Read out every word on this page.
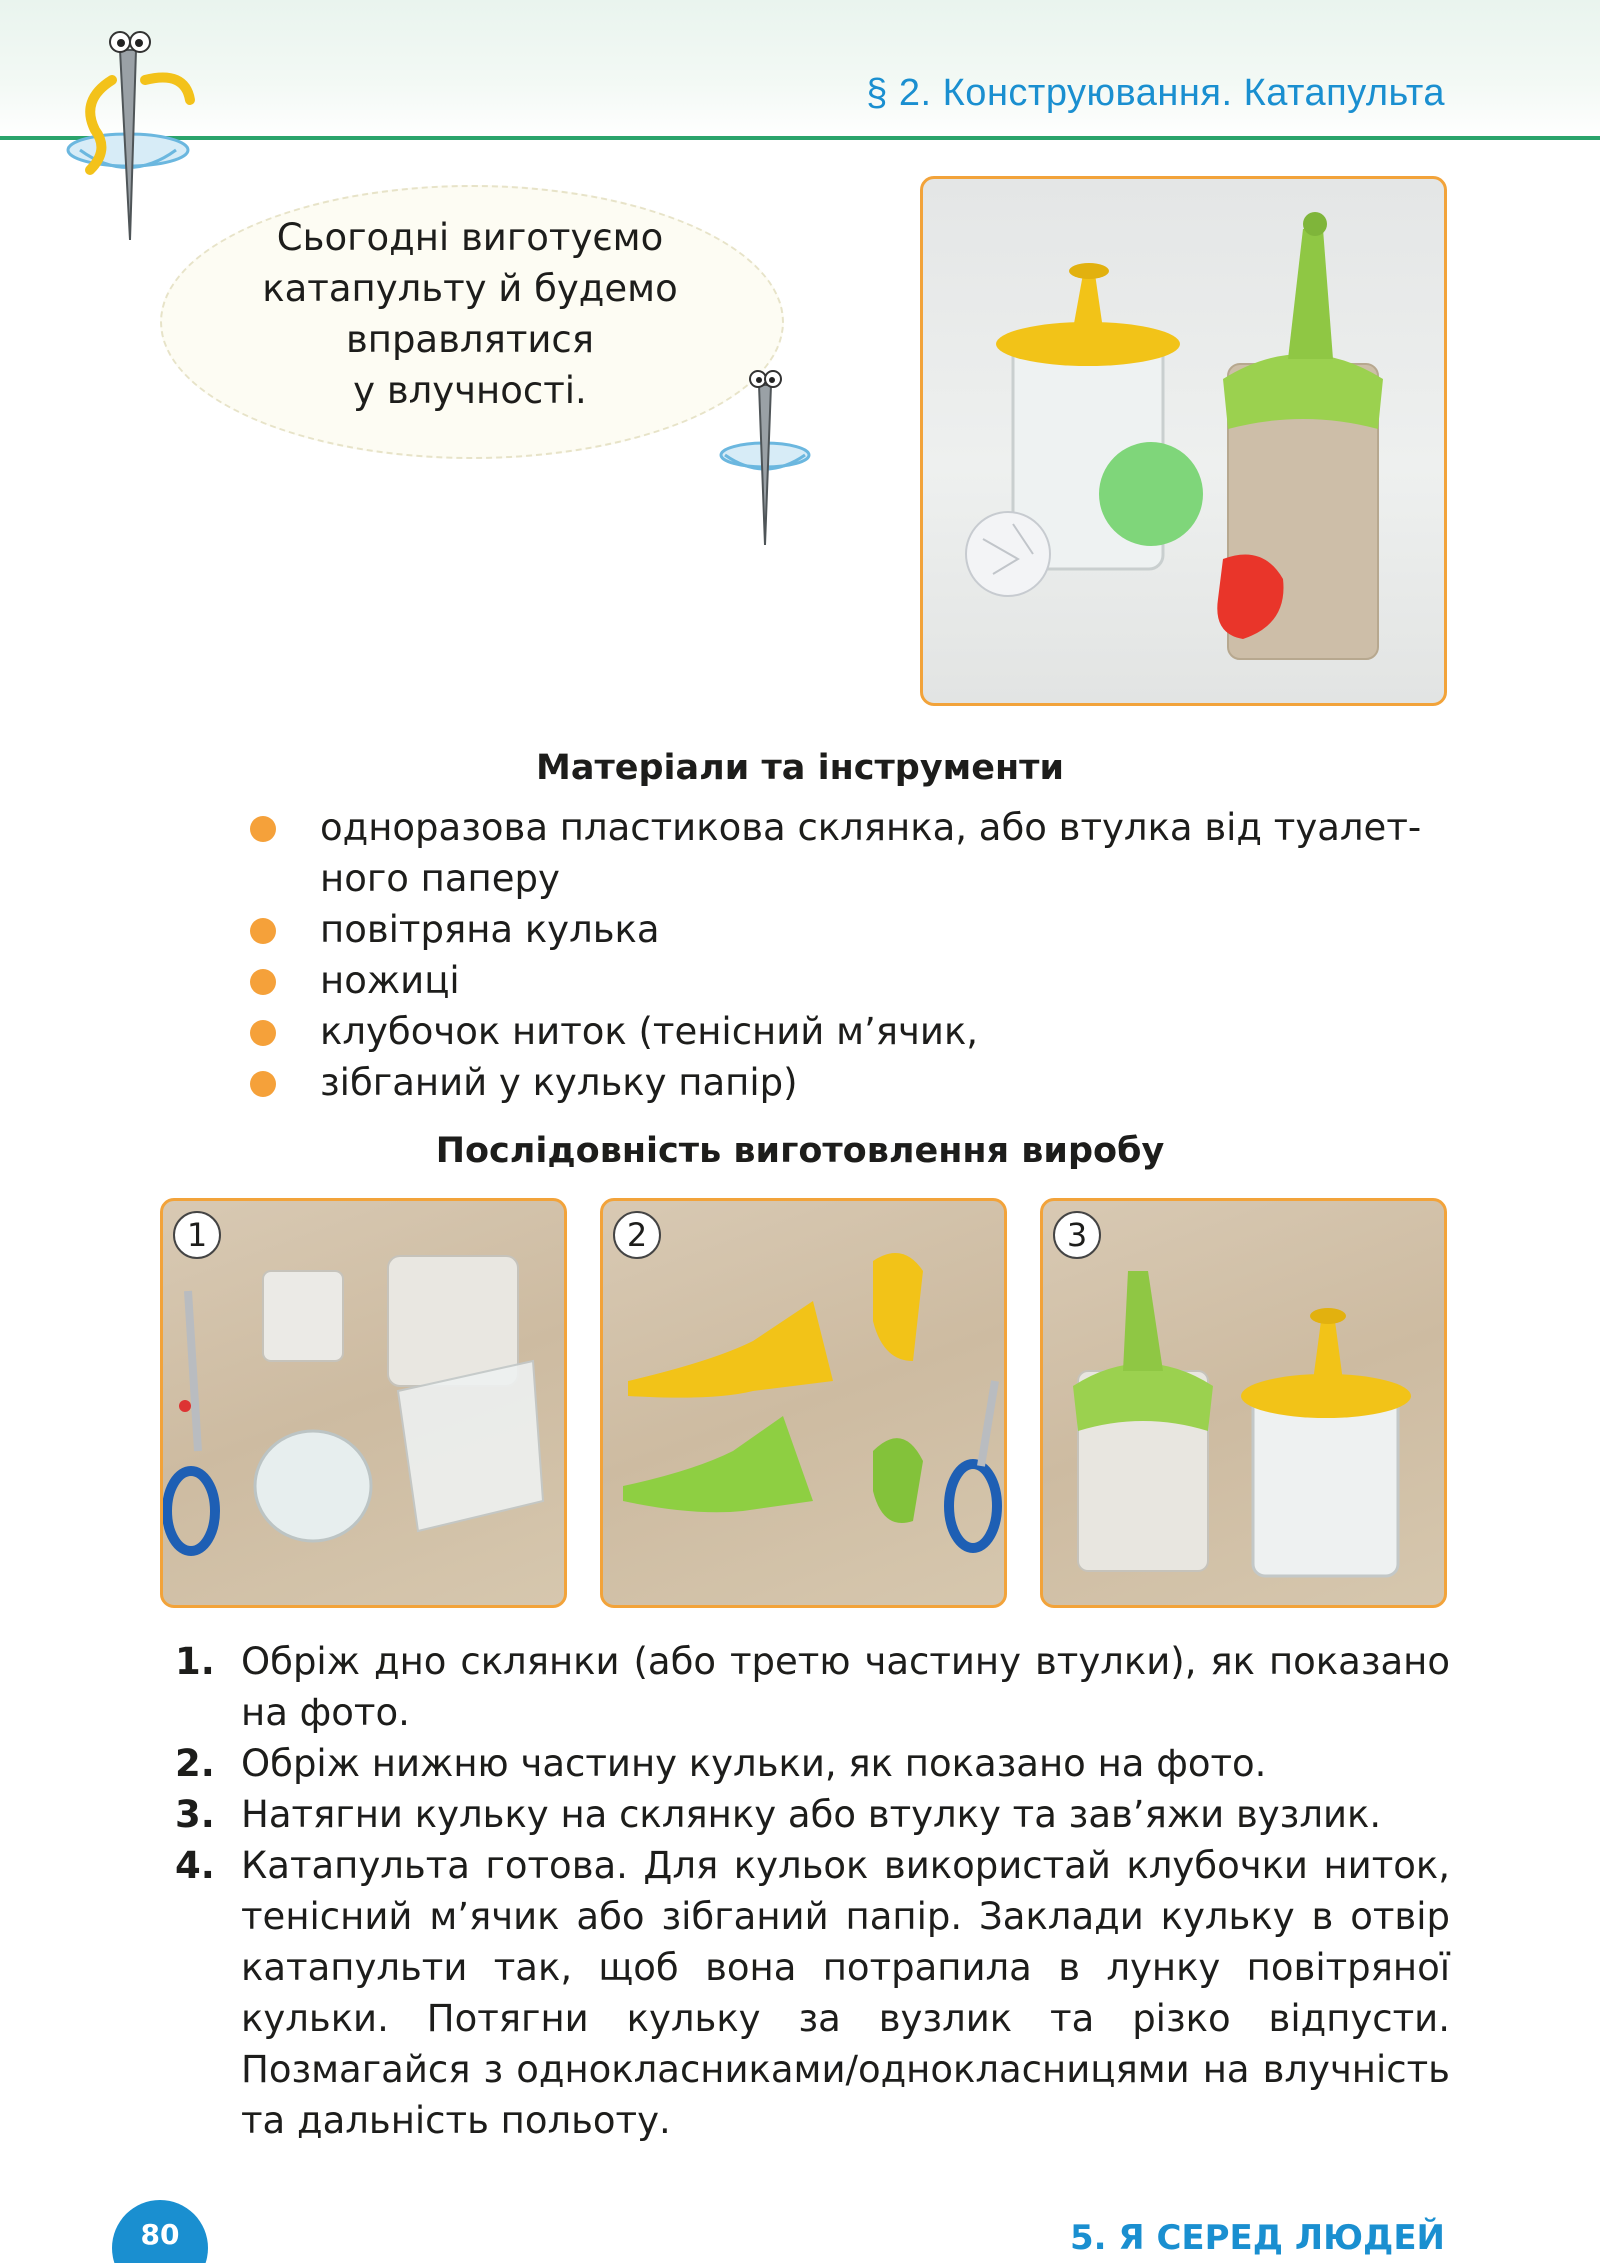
§ 2. Конструювання. Катапульта
Сьогодні виготуємо
катапульту й будемо
вправлятися
у влучності.
Матеріали та інструменти
одноразова пластикова склянка, або втулка від туалет-
ного паперу
повітряна кулька
ножиці
клубочок ниток (тенісний м’ячик,
зібганий у кульку папір)
Послідовність виготовлення виробу
1	2	3
1. Обріж дно склянки (або третю частину втулки), як показано на фото.
2. Обріж нижню частину кульки, як показано на фото.
3. Натягни кульку на склянку або втулку та зав’яжи вузлик.
4. Катапульта готова. Для кульок використай клубочки ниток, тенісний м’ячик або зібганий папір. Заклади кульку в отвір катапульти так, щоб вона потрапила в лунку повітряної кульки. Потягни кульку за вузлик та різко відпусти. Позмагайся з однокласниками/однокласницями на влучність та дальність польоту.
80	5. Я СЕРЕД ЛЮДЕЙ
